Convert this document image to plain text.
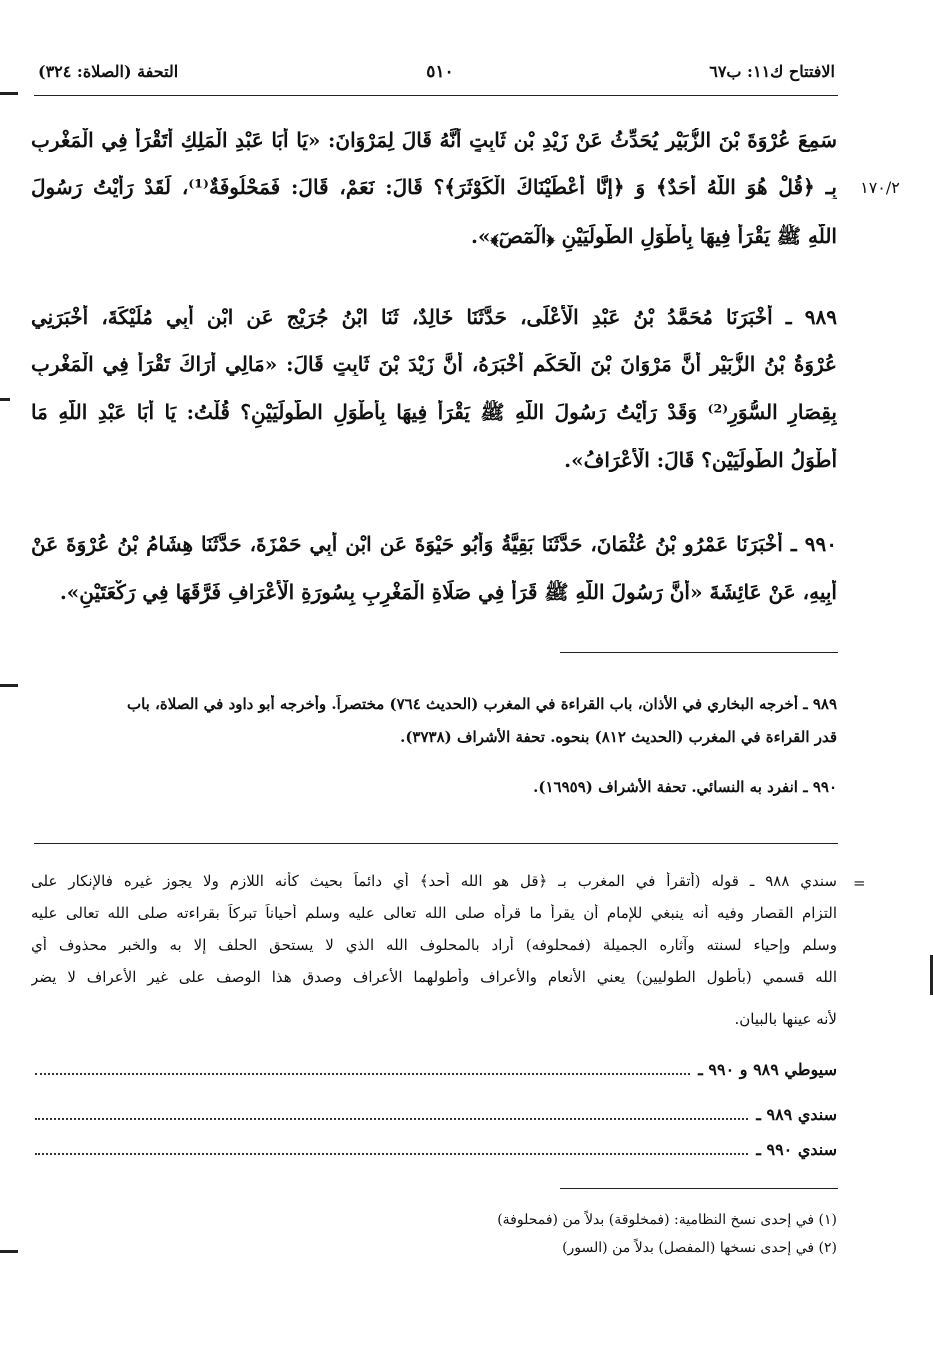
الافتتاح ك١١: ب٦٧
٥١٠
التحفة (الصلاة: ٣٢٤)
١٧٠/٢
سَمِعَ عُرْوَةَ بْنَ الزُّبَيْرِ يُحَدِّثُ عَنْ زَيْدِ بْنِ ثَابِتٍ أَنَّهُ قَالَ لِمَرْوَانَ: «يَا أَبَا عَبْدِ الْمَلِكِ أَتَقْرَأُ فِي الْمَغْرِبِ
بِـ ﴿قُلْ هُوَ اللَّهُ أَحَدٌ﴾ وَ ﴿إِنَّا أَعْطَيْنَاكَ الْكَوْثَرَ﴾؟ قَالَ: نَعَمْ، قَالَ: فَمَحْلُوفَةٌ⁽¹⁾، لَقَدْ رَأَيْتُ رَسُولَ
اللَّهِ ﷺ يَقْرَأُ فِيهَا بِأَطْوَلِ الطُّولَيَيْنِ ﴿الٓمٓصٓ﴾».
٩٨٩ ـ أَخْبَرَنَا مُحَمَّدُ بْنُ عَبْدِ الْأَعْلَى، حَدَّثَنَا خَالِدٌ، ثَنَا ابْنُ جُرَيْجٍ عَنِ ابْنِ أَبِي مُلَيْكَةَ، أَخْبَرَنِي
عُرْوَةُ بْنُ الزُّبَيْرِ أَنَّ مَرْوَانَ بْنَ الْحَكَمِ أَخْبَرَهُ، أَنَّ زَيْدَ بْنَ ثَابِتٍ قَالَ: «مَالِي أَرَاكَ تَقْرَأُ فِي الْمَغْرِبِ
بِقِصَارِ السُّوَرِ⁽²⁾ وَقَدْ رَأَيْتُ رَسُولَ اللَّهِ ﷺ يَقْرَأُ فِيهَا بِأَطْوَلِ الطُّولَيَيْنِ؟ قُلْتُ: يَا أَبَا عَبْدِ اللَّهِ مَا
أَطْوَلُ الطُّولَيَيْنِ؟ قَالَ: الْأَعْرَافُ».
٩٩٠ ـ أَخْبَرَنَا عَمْرُو بْنُ عُثْمَانَ، حَدَّثَنَا بَقِيَّةُ وَأَبُو حَيْوَةَ عَنِ ابْنِ أَبِي حَمْزَةَ، حَدَّثَنَا هِشَامُ بْنُ عُرْوَةَ عَنْ
أَبِيهِ، عَنْ عَائِشَةَ «أَنَّ رَسُولَ اللَّهِ ﷺ قَرَأَ فِي صَلَاةِ الْمَغْرِبِ بِسُورَةِ الْأَعْرَافِ فَرَّقَهَا فِي رَكْعَتَيْنِ».
٩٨٩ ـ أخرجه البخاري في الأذان، باب القراءة في المغرب (الحديث ٧٦٤) مختصراً. وأخرجه أبو داود في الصلاة، باب
قدر القراءة في المغرب (الحديث ٨١٢) بنحوه. تحفة الأشراف (٣٧٣٨).
٩٩٠ ـ انفرد به النسائي. تحفة الأشراف (١٦٩٥٩).
=
سندي ٩٨٨ ـ قوله (أتقرأ في المغرب بـ ﴿قل هو الله أحد﴾ أي دائماً بحيث كأنه اللازم ولا يجوز غيره فالإنكار على
التزام القصار وفيه أنه ينبغي للإمام أن يقرأ ما قرأه صلى الله تعالى عليه وسلم أحياناً تبركاً بقراءته صلى الله تعالى عليه
وسلم وإحياء لسنته وآثاره الجميلة (فمحلوفه) أراد بالمحلوف الله الذي لا يستحق الحلف إلا به والخبر محذوف أي
الله قسمي (بأطول الطوليين) يعني الأنعام والأعراف وأطولهما الأعراف وصدق هذا الوصف على غير الأعراف لا يضر
لأنه عينها بالبيان.
سيوطي ٩٨٩ و ٩٩٠ ـ
سندي ٩٨٩ ـ
سندي ٩٩٠ ـ
(١) في إحدى نسخ النظامية: (فمخلوقة) بدلاً من (فمحلوفة)
(٢) في إحدى نسخها (المفصل) بدلاً من (السور)
